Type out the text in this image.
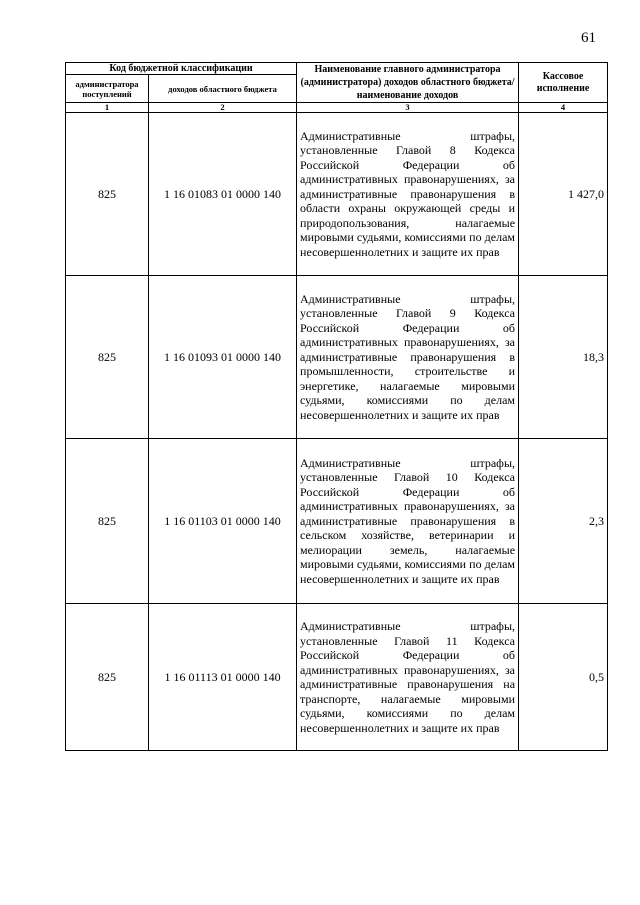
61
Код бюджетной классификации		Наименование главного администратора (администратора) доходов областного бюджета/ наименование доходов	Кассовое исполнение
администратора поступлений	доходов областного бюджета		
1	2	3	4
825	1 16 01083 01 0000 140	Административные штрафы, установленные Главой 8 Кодекса Российской Федерации об административных правонарушениях, за административные правонарушения в области охраны окружающей среды и природопользования, налагаемые мировыми судьями, комиссиями по делам несовершеннолетних и защите их прав	1 427,0
825	1 16 01093 01 0000 140	Административные штрафы, установленные Главой 9 Кодекса Российской Федерации об административных правонарушениях, за административные правонарушения в промышленности, строительстве и энергетике, налагаемые мировыми судьями, комиссиями по делам несовершеннолетних и защите их прав	18,3
825	1 16 01103 01 0000 140	Административные штрафы, установленные Главой 10 Кодекса Российской Федерации об административных правонарушениях, за административные правонарушения в сельском хозяйстве, ветеринарии и мелиорации земель, налагаемые мировыми судьями, комиссиями по делам несовершеннолетних и защите их прав	2,3
825	1 16 01113 01 0000 140	Административные штрафы, установленные Главой 11 Кодекса Российской Федерации об административных правонарушениях, за административные правонарушения на транспорте, налагаемые мировыми судьями, комиссиями по делам несовершеннолетних и защите их прав	0,5
